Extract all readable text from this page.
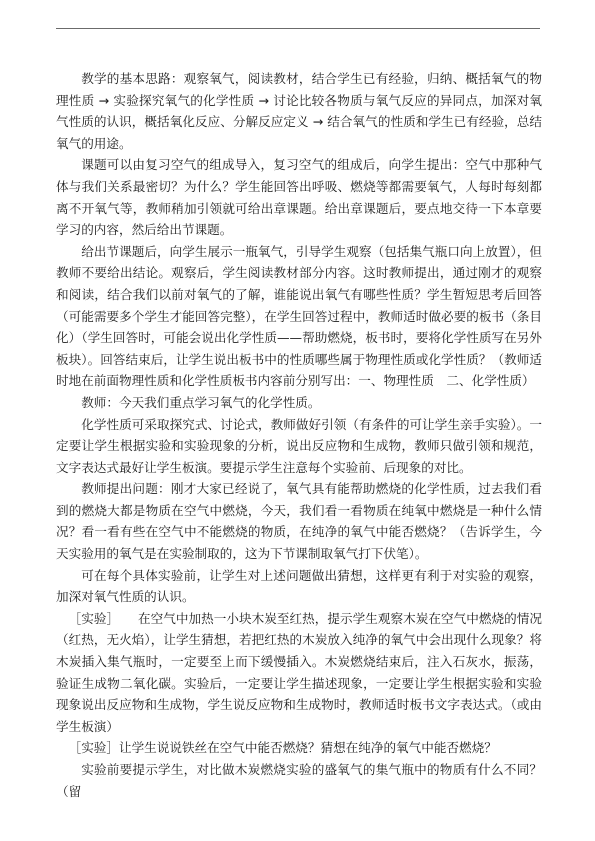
教学的基本思路：观察氧气，阅读教材，结合学生已有经验，归纳、概括氧气的物理性质 → 实验探究氧气的化学性质 → 讨论比较各物质与氧气反应的异同点，加深对氧气性质的认识，概括氧化反应、分解反应定义 → 结合氧气的性质和学生已有经验，总结氧气的用途。

课题可以由复习空气的组成导入，复习空气的组成后，向学生提出：空气中那种气体与我们关系最密切？为什么？学生能回答出呼吸、燃烧等都需要氧气，人每时每刻都离不开氧气等，教师稍加引领就可给出章课题。给出章课题后，要点地交待一下本章要学习的内容，然后给出节课题。

给出节课题后，向学生展示一瓶氧气，引导学生观察（包括集气瓶口向上放置），但教师不要给出结论。观察后，学生阅读教材部分内容。这时教师提出，通过刚才的观察和阅读，结合我们以前对氧气的了解，谁能说出氧气有哪些性质？学生暂短思考后回答（可能需要多个学生才能回答完整），在学生回答过程中，教师适时做必要的板书（条目化）（学生回答时，可能会说出化学性质——帮助燃烧，板书时，要将化学性质写在另外板块）。回答结束后，让学生说出板书中的性质哪些属于物理性质或化学性质？（教师适时地在前面物理性质和化学性质板书内容前分别写出：一、物理性质　二、化学性质）

教师：今天我们重点学习氧气的化学性质。

化学性质可采取探究式、讨论式，教师做好引领（有条件的可让学生亲手实验）。一定要让学生根据实验和实验现象的分析，说出反应物和生成物，教师只做引领和规范，文字表达式最好让学生板演。要提示学生注意每个实验前、后现象的对比。

教师提出问题：刚才大家已经说了，氧气具有能帮助燃烧的化学性质，过去我们看到的燃烧大都是物质在空气中燃烧，今天，我们看一看物质在纯氧中燃烧是一种什么情况？看一看有些在空气中不能燃烧的物质，在纯净的氧气中能否燃烧？（告诉学生，今天实验用的氧气是在实验制取的，这为下节课制取氧气打下伏笔）。

可在每个具体实验前，让学生对上述问题做出猜想，这样更有利于对实验的观察，加深对氧气性质的认识。

［实验］　　在空气中加热一小块木炭至红热，提示学生观察木炭在空气中燃烧的情况（红热，无火焰），让学生猜想，若把红热的木炭放入纯净的氧气中会出现什么现象？将木炭插入集气瓶时，一定要至上而下缓慢插入。木炭燃烧结束后，注入石灰水，振荡，验证生成物二氧化碳。实验后，一定要让学生描述现象，一定要让学生根据实验和实验现象说出反应物和生成物，学生说反应物和生成物时，教师适时板书文字表达式。（或由学生板演）

［实验］让学生说说铁丝在空气中能否燃烧？猜想在纯净的氧气中能否燃烧？

实验前要提示学生，对比做木炭燃烧实验的盛氧气的集气瓶中的物质有什么不同？（留
